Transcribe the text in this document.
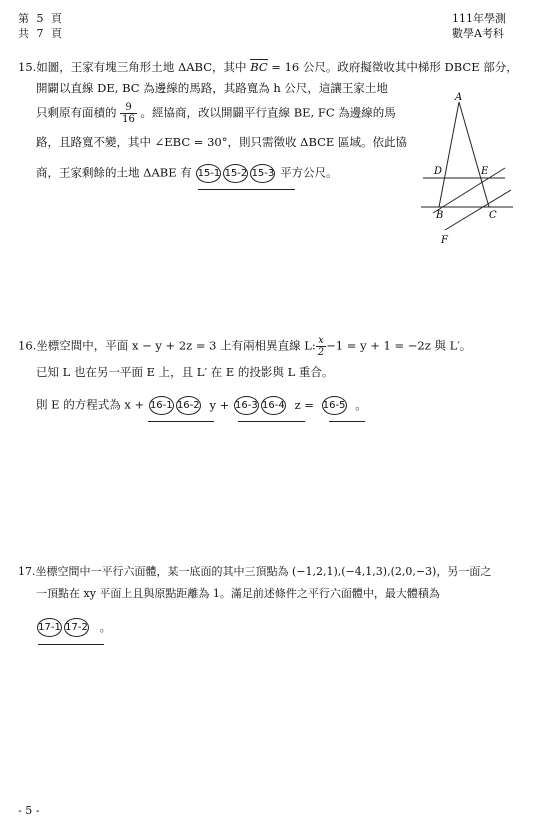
第 5 頁
共 7 頁
111年學測
數學A考科
15.如圖，王家有塊三角形土地 ΔABC，其中 BC = 16 公尺。政府擬徵收其中梯形 DBCE 部分，
開闢以直線 DE, BC 為邊線的馬路，其路寬為 h 公尺，這讓王家土地
只剩原有面積的 $\frac{9}{16}$ 。經協商，改以開闢平行直線 BE, FC 為邊線的馬
路，且路寬不變，其中 ∠EBC = 30°，則只需徵收 ΔBCE 區域。依此協
商，王家剩餘的土地 ΔABE 有 15-1 15-2 15-3 平方公尺。
A
D	E
B	C
F
16.坐標空間中，平面 x − y + 2z = 3 上有兩相異直線 L: $\frac{x}{2} -1 = y + 1 = -2z$ 與 L′。
已知 L 也在另一平面 E 上，且 L′ 在 E 的投影與 L 重合。
則 E 的方程式為 x + 16-1 16-2 y + 16-3 16-4 z = 16-5 。
17.坐標空間中一平行六面體，某一底面的其中三頂點為 (−1,2,1),(−4,1,3),(2,0,−3)，另一面之
一頂點在 xy 平面上且與原點距離為 1。滿足前述條件之平行六面體中，最大體積為
17-1 17-2 。
- 5 -
